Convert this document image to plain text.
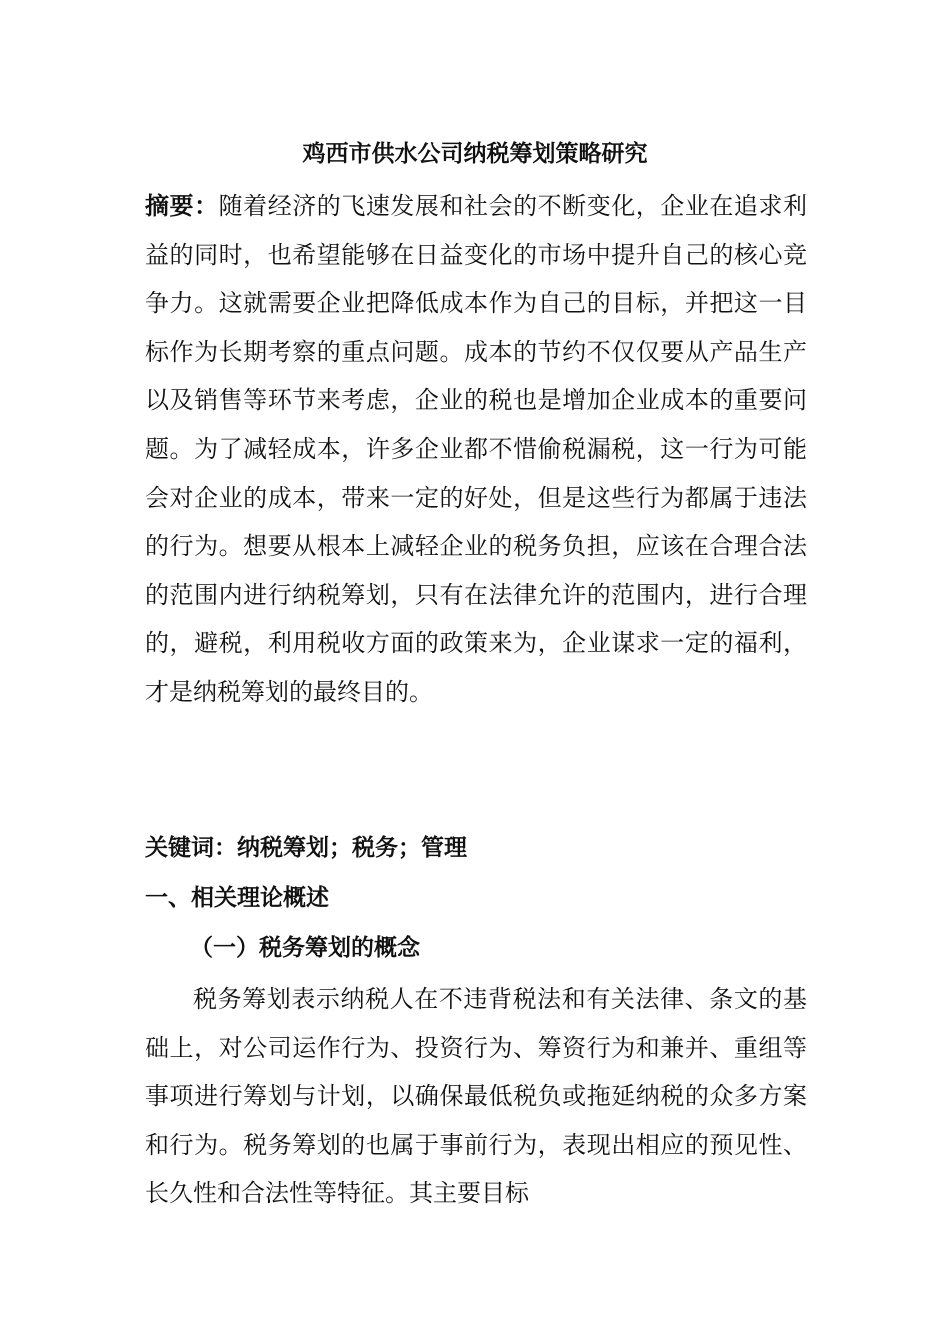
鸡西市供水公司纳税筹划策略研究

摘要：随着经济的飞速发展和社会的不断变化，企业在追求利益的同时，也希望能够在日益变化的市场中提升自己的核心竞争力。这就需要企业把降低成本作为自己的目标，并把这一目标作为长期考察的重点问题。成本的节约不仅仅要从产品生产以及销售等环节来考虑，企业的税也是增加企业成本的重要问题。为了减轻成本，许多企业都不惜偷税漏税，这一行为可能会对企业的成本，带来一定的好处，但是这些行为都属于违法的行为。想要从根本上减轻企业的税务负担，应该在合理合法的范围内进行纳税筹划，只有在法律允许的范围内，进行合理的，避税，利用税收方面的政策来为，企业谋求一定的福利，才是纳税筹划的最终目的。

关键词：纳税筹划；税务；管理

一、相关理论概述
（一）税务筹划的概念

税务筹划表示纳税人在不违背税法和有关法律、条文的基础上，对公司运作行为、投资行为、筹资行为和兼并、重组等事项进行筹划与计划，以确保最低税负或拖延纳税的众多方案和行为。税务筹划的也属于事前行为，表现出相应的预见性、长久性和合法性等特征。其主要目标
